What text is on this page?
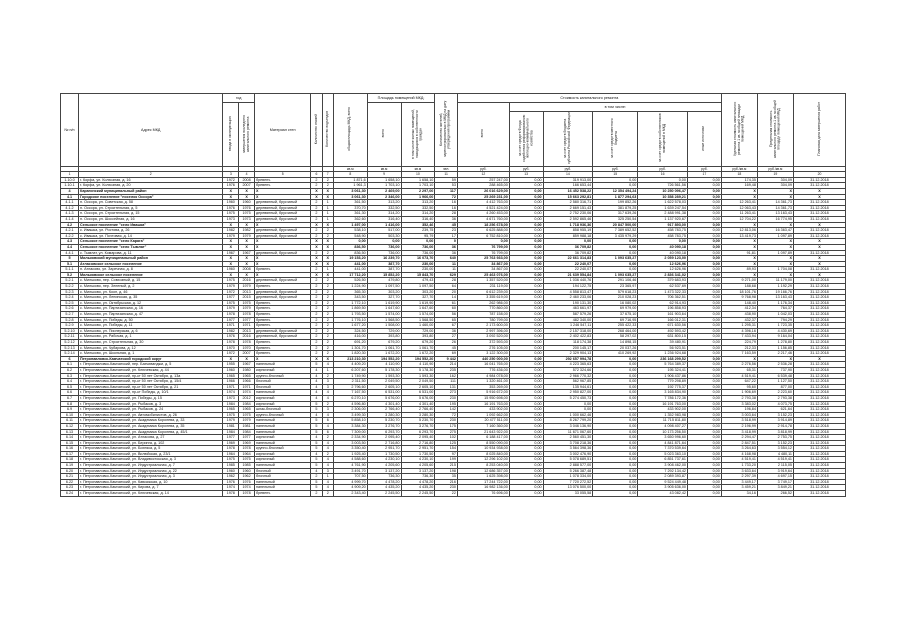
№ п/п	Адрес МКД	год		Материал стен	Количество этажей	Количество подъездов	общая площадь МКД, всего	Площадь помещений МКД:		Количество жителей, зарегистрированных в МКД на дату утверждения программы	Стоимость капитального ремонта						Удельная стоимость капитального ремонта 1 кв. м общей площади помещений МКД	Предельная стоимость капитального ремонта 1 кв. м общей площади помещений МКД	Плановая дата завершения работ
		ввода в эксплуатацию	завершения последнего капитального ремонта					всего	в том числе жилых помещений, находящихся в собственности граждан		всего	в том числе:							
												за счет средств Фонда содействия реформированию жилищно-коммунального хозяйства	за счет средств бюджета субъекта Российской Федерации	за счет средств местного бюджета	за счет средств собственников помещений в МКД	иные источники			
							кв.м	кв.м	кв.м	чел.	руб.	руб.	руб.	руб.	руб.	руб.	руб./кв.м	руб./кв.м	
1	2	3	4	5	6	7	8	9	10	11	12	13	14	15	16	17	18	19	20
1.10.0	г. Корфа, ул. Колхозная, д. 16	1972	2008	бревенч.	2	2	1 871,6	1 658,10	1 658,10	59	257 247,00	0,00	319 913,00	0,00	0,00	0,00	174,35	304,09	31.12.2018
1.10.1	г. Корфа, ул. Колхозная, д. 20	1976	2007	бревенч.	2	2	1 961,3	1 703,10	1 703,10	53	288 465,00	0,00	166 653,44	0,00	726 561,56	0,00	169,48	304,09	31.12.2018
4	Карагинский муниципальный район	X	X	X	X	X	3 061,30	2 469,00	2 297,00	117	26 016 629,00	0,00	16 452 538,22	12 354 494,24	10 250 096,47	0,00	X	X	X
4.1	Городское поселение "поселок Оссора"	X	X	X	X	X	3 061,30	2 346,00	1 966,00	72	25 269 231,00	0,00	15 663 292,81	1 877 294,63	10 358 289,21	0,00	X	X	X
4.1.1	п. Оссора, ул. Советская, д. 58	1960	1960	деревянный, брусчатый	2	1	361,50	313,20	313,20	16	4 412 763,00	0,00	2 580 316,71	199 852,26	1 622 578,03	0,00	12 263,41	14 361,73	31.12.2018
4.1.2	п. Оссора, ул. Строительная, д. 5	1976	1976	деревянный, брусчатый	2	1	370,70	332,50	332,50	16	4 521 424,00	0,00	2 669 151,43	381 879,25	1 639 247,54	0,00	12 063,43	14 361,73	31.12.2018
4.1.3	п. Оссора, ул. Строительная, д. 15	1975	1975	деревянный, брусчатый	2	1	361,30	314,20	314,20	28	4 260 453,00	0,00	2 752 230,06	317 639,26	2 488 991,38	0,00	11 263,41	13 163,43	31.12.2018
4.1.4	п. Оссора, ул. Шоссейная, д. 16	1973	1973	деревянный, брусчатый	2	1	362,60	316,40	316,40	36	4 671 760,00	0,00	2 592 865,46	325 250,54	1 137 920,67	0,00	12 704,22	16 774,95	31.12.2018
4.2	Сельское поселение "село Ивашка"	X	X	X	X	X	1 497,00	1 416,00	352,46	45	18 256 678,00	0,00	1 718 936,36	20 847 500,00	917 893,00	0,00	X	X	X
4.2.1	с. Ивашка, ул. Ростова, д. 26	1982	1982	деревянный, брусчатый	2	2	538,10	517,00	239,75	23	6 625 888,00	0,00	858 955,19	7 389 652,52	458 783,75	0,00	12 813,06	16 363,47	31.12.2018
4.2.2	с. Ивашка, ул. Почтовая, д. 14	1979	1979	деревянный, брусчатый	2	2	548,90	503,30	95,79	17	6 752 810,00	0,00	859 988,18	3 435 979,29	458 783,75	0,00	13 419,73	1 097,89	31.12.2018
4.3	Сельское поселение "село Карага"	X	X	X	X	X	0,00	0,00	0,00	0	0,00	0,00	0,00	0,00	0,00	0,00	X	X	X
4.4	Сельское поселение "село Тымлат"	X	X	X	X	X	836,50	736,00	736,00	36	76 799,00	0,00	36 709,82	0,00	40 090,18	0,00	X	X	X
4.4.1	с. Тымлат, ул. Комарова, д. 11	1967	1967	деревянный, брусчатый	2	2	836,50	736,00	736,00	36	76 799,00	0,00	36 709,82	0,00	40 090,18	0,00	91,81	1 097,89	31.12.2018
5	Мильковский муниципальный район	X	X	X	X	X	19 153,20	16 239,70	16 073,70	640	25 763 933,00	0,00	22 661 314,83	1 093 635,27	2 059 123,00	0,00	X	X	X
5.1	Атласовское сельское поселение	X	X	X	X	X	441,00	387,70	230,00	11	34 867,00	0,00	22 240,07	0,00	12 626,96	0,00	X	X	X
5.1.1	п. Атласово, ул. Заречная, д. 8	1960	2008	бревенч.	2	1	441,00	387,70	230,00	11	34 867,00	0,00	22 240,07	0,00	12 626,96	0,00	89,93	1 704,08	31.12.2018
5.2	Мильковское сельское поселение	X	X	X	X	X	17 712,20	15 852,20	15 843,70	629	25 463 076,00	0,00	21 639 554,84	1 093 635,27	2 836 341,02	0,00	X	X	X
5.2.1	с. Мильково, пер. Совхозный, д. 15	1975	2016	деревянный, брусчатый	2	2	526,50	479,80	479,43	28	1 357 520,00	0,00	1 036 440,76	291 106,46	379 683,93	0,00	9 271,00	11 179,00	31.12.2018
5.2.2	с. Мильково, пер. Зеленый, д. 2	1979	1979	бревенч.	2	2	1 224,90	1 097,50	1 097,50	64	231 119,00	0,00	194 122,75	23 365,97	62 537,69	0,00	188,68	1 192,29	31.12.2018
5.2.3	с. Мильково, ул. Кооп, д. 46	1972	2013	деревянный, брусчатый	2	2	365,30	303,20	303,20	20	6 612 239,00	0,00	4 558 813,47	579 618,23	1 473 322,33	0,00	18 101,76	19 166,76	31.12.2018
5.2.4	с. Мильково, ул. Ленинская, д. 35	1977	2015	деревянный, брусчатый	2	2	343,50	327,70	327,70	14	3 355 619,00	0,00	2 460 233,06	210 028,23	706 362,51	0,00	9 768,98	13 163,43	31.12.2018
5.2.5	с. Мильково, ул. Октябрьская, д. 12	1975	1975	бревенч.	2	2	1 772,10	1 619,90	1 619,90	61	262 986,00	0,00	190 131,30	16 080,02	62 914,93	0,00	148,40	1 176,34	31.12.2018
5.2.6	с. Мильково, ул. Партизанская, д. 16	1979	1979	бревенч.	2	2	1 869,50	1 647,60	1 647,60	60	770 860,00	0,00	463 661,97	69 979,00	196 858,93	0,00	412,34	764,37	31.12.2018
5.2.7	с. Мильково, ул. Партизанская, д. 47	1978	1978	бревенч.	2	2	1 793,50	1 574,00	1 574,00	56	787 158,00	0,00	587 579,26	37 675,10	161 903,64	0,00	438,90	1 042,03	31.12.2018
5.2.8	с. Мильково, ул. Победы, д. 50	1977	1977	бревенч.	2	2	1 776,10	1 568,50	1 568,50	65	780 799,00	0,00	482 340,00	69 716,95	166 012,31	0,00	432,37	794,29	31.12.2018
5.2.9	с. Мильково, ул. Победы, д. 11	1971	1971	бревенч.	2	2	1 677,20	1 508,00	1 460,00	67	2 173 600,00	0,00	1 246 547,11	255 422,33	671 630,56	0,00	1 295,31	1 723,35	31.12.2018
5.2.10	с. Мильково, ул. Пионерская, д. 6	1982	2013	деревянный, брусчатый	2	2	324,50	729,00	729,00	36	2 997 396,00	0,00	2 157 318,00	268 464,00	492 593,42	0,00	4 396,16	4 430,69	31.12.2018
5.2.11	с. Мильково, ул. Рабочая, д. 1	1976	2016	деревянный, брусчатый	2	2	416,00	393,80	393,80	27	3 092 520,00	0,00	2 402 422,83	58 297,02	631 800,15	0,00	7 433,94	9 164,04	31.12.2018
5.2.12	с. Мильково, ул. Строительная, д. 30	1978	1978	бревенч.	2	2	691,20	679,20	679,20	26	372 593,00	0,00	118 174,38	14 898,15	39 480,91	0,00	224,79	1 278,80	31.12.2018
5.2.13	с. Мильково, ул. Чубарова, д. 12	1970	1970	бревенч.	2	2	1 301,70	1 061,70	1 061,70	45	276 105,00	0,00	200 145,17	20 037,26	56 923,51	0,00	212,33	1 156,85	31.12.2018
5.2.14	с. Мильково, ул. Школьная, д. 1	1972	2007	бревенч.	2	2	1 820,30	1 672,20	1 672,20	69	3 122 300,00	0,00	2 329 904,13	410 269,92	1 236 924,68	0,00	7 163,59	2 217,46	31.12.2018
6	Петропавловск-Камчатский городской округ	X	X	X	X	X	213 210,30	194 552,20	194 552,20	9 442	440 250 000,00	0,00	292 657 994,78	0,00	236 168 299,52	0,00	X	X	X
6.1	г. Петропавловск-Камчатский, пер. Бахчиванджи, д. 5	1955	1967	панельный	5	4	4 409,20	4 110,90	4 110,90	214	16 041 765,00	0,00	4 223 365,63	0,00	5 764 389,37	0,00	2 276,56	2 536,28	31.12.2018
6.2	г. Петропавловск-Камчатский, ул. Ключевская, д. 44	1960	1980	кирпичный	4	1	6 207,60	5 178,30	5 178,30	235	776 436,00	0,00	572 324,66	0,00	195 324,41	0,00	65,31	737,90	31.12.2018
6.3	г. Петропавловск-Камчатский, пр-кт 50 лет Октября, д. 13а	1965	1965	крупно-блочный	4	2	1 749,90	1 593,30	1 593,30	162	4 984 078,00	0,00	2 966 770,32	0,00	1 906 437,86	0,00	4 519,41	6 539,48	31.12.2018
6.4	г. Петропавловск-Камчатский, пр-кт 50 лет Октября, д. 15/4	1966	1966	блочный	4	3	2 311,50	2 049,50	2 049,50	111	1 320 461,00	0,00	562 967,85	0,00	779 298,89	0,00	647,22	1 127,50	31.12.2018
6.5	г. Петропавловск-Камчатский, пр-кт 50 лет Октября, д. 21	1971	1971	блочный	4	3	2 796,60	2 605,10	2 605,10	131	353 269,00	0,00	135 944,61	0,00	192 775,37	0,00	95,60	877,00	31.12.2018
6.6	г. Петропавловск-Камчатский, пр-кт Победы, д. 10/1	1974	1974	панельный	4	4	7 167,50	6 531,00	6 531,00	273	5 916 672,00	0,00	2 950 827,00	0,00	3 165 834,90	0,00	1 906,69	2 223,60	31.12.2018
6.7	г. Петропавловск-Камчатский, ул. Победы, д. 15	1973	2012	кирпичный	4	4	6 270,10	5 676,00	5 676,00	230	15 950 698,00	0,00	5 274 450,73	0,00	7 786 172,36	0,00	2 793,38	2 793,38	31.12.2018
6.8	г. Петропавловск-Камчатский, ул. Рыбаков, д. 3	1984	1984	кирпичный	5	2	4 596,80	4 301,40	4 301,40	195	16 191 763,00	0,00	0,00	0,00	16 191 763,00	0,00	3 383,02	4 073,75	31.12.2018
6.9	г. Петропавловск-Камчатский, ул. Рыбаков, д. 24	1965	1965	шлак-блочный	5	3	2 306,00	2 766,40	2 766,40	142	433 902,00	0,00	0,00	0,00	433 902,00	0,00	196,84	621,64	31.12.2018
6.10	г. Петропавловск-Камчатский, ул. Автомобилистов, д. 26	1975	1975	крупно-блочный	4	4	3 499,30	3 280,30	3 280,30	72	1 092 662,00	0,00	1 000 662,46	0,00	1 352 983,98	0,00	3 003,64	3 152,23	31.12.2018
6.11	г. Петропавловск-Камчатский, ул. Академика Королева, д. 33	1979	1979	панельный	5	6	5 858,10	5 230,70	5 230,70	230	20 477 511,00	0,00	8 267 799,20	0,00	11 715 811,80	0,00	3 518,99	3 914,89	31.12.2018
6.12	г. Петропавловск-Камчатский, ул. Академика Королева, д. 35	1981	1981	панельный	5	4	3 384,30	3 276,70	3 276,70	175	7 160 360,00	0,00	3 046 136,90	0,00	4 098 407,27	0,00	2 196,99	2 914,78	31.12.2018
6.13	г. Петропавловск-Камчатский, ул. Академика Королева, д. 45/1	1984	1984	панельный	5	6	7 309,00	6 293,70	6 293,70	275	21 643 922,00	0,00	11 671 067,60	0,00	10 173 256,50	0,00	3 418,99	3 818,99	31.12.2018
6.14	г. Петропавловск-Камчатский, ул. Атласова, д. 27	1977	1977	кирпичный	4	2	2 334,90	2 095,40	2 095,40	102	6 188 417,00	0,00	2 560 451,30	0,00	3 650 996,60	0,00	2 294,47	2 753,75	31.12.2018
6.15	г. Петропавловск-Камчатский, ул. Беринга, д. 102	1969	1969	панельный	5	4	3 003,50	2 716,80	2 716,80	125	8 550 090,00	0,00	3 708 218,36	0,00	4 841 871,64	0,00	2 847,51	3 152,23	31.12.2018
6.16	г. Петропавловск-Камчатский, ул. Бохняка, д. 5	1978	1978	крупно-блочный	5	4	3 350,40	2 951,70	2 951,70	154	10 934 938,00	0,00	3 564 398,36	0,00	7 370 539,64	0,00	3 264,63	3 554,12	31.12.2018
6.17	г. Петропавловск-Камчатский, ул. Вилюйская, д. 23/1	1964	1964	кирпичный	4	2	1 925,40	1 730,50	1 730,50	97	8 025 840,00	0,00	3 002 476,90	0,00	5 023 363,10	0,00	4 168,98	4 480,11	31.12.2018
6.18	г. Петропавловск-Камчатский, ул. Владивостокская, д. 3	1975	1975	кирпичный	5	4	4 588,60	4 230,10	4 230,10	199	12 296 102,00	0,00	5 078 689,51	0,00	6 851 737,61	0,00	4 519,41	4 519,41	31.12.2018
6.19	г. Петропавловск-Камчатский, ул. Индустриальная, д. 7	1985	1985	панельный	5	4	4 761,90	4 205,60	4 205,60	215	8 253 040,00	0,00	2 888 577,00	0,00	3 908 462,00	0,00	1 733,20	2 115,05	31.12.2018
6.20	г. Петропавловск-Камчатский, ул. Индустриальная, д. 22	1960	1960	блочный	4	3	3 491,70	3 137,20	3 137,20	198	12 686 357,00	0,00	5 266 387,48	0,00	7 292 134,42	0,00	3 633,64	3 919,64	31.12.2018
6.21	г. Петропавловск-Камчатский, ул. Индустриальная, д. 3	1962	1962	блочный	2	1	707,50	736,30	736,30	35	1 625 398,00	0,00	1 078 334,00	0,00	2 089 393,87	0,00	2 297,39	4 697,15	31.12.2018
6.22	г. Петропавловск-Камчатский, ул. Кавказская, д. 10	1976	1976	панельный	5	4	4 999,70	4 478,20	4 478,20	216	17 244 722,00	0,00	7 720 272,52	0,00	9 524 449,48	0,00	3 449,17	3 749,17	31.12.2018
6.23	г. Петропавловск-Камчатский, ул. Кирова, д. 7	1974	1974	панельный	5	4	4 909,20	4 435,20	4 435,20	230	16 982 136,00	0,00	13 076 500,00	0,00	3 905 636,00	0,00	3 459,21	3 849,21	31.12.2018
6.24	г. Петропавловск-Камчатский, ул. Ключевская, д. 14	1978	1978	бревенч.	2	2	2 343,40	2 245,50	2 245,50	22	76 696,00	0,00	33 055,58	0,00	43 082,42	0,00	34,16	266,52	31.12.2018
